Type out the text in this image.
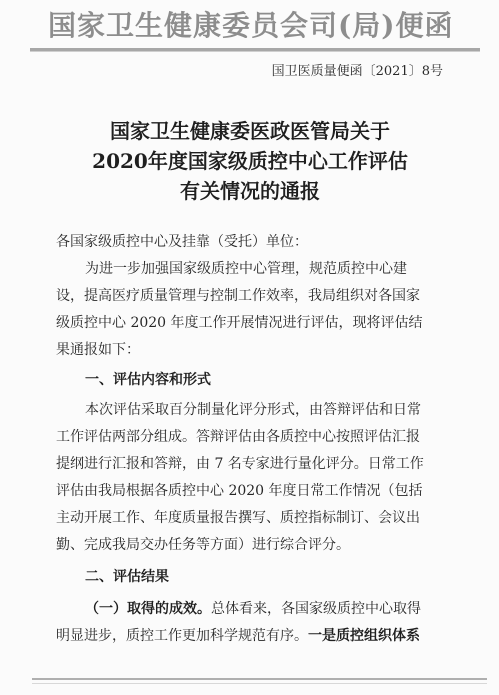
国家卫生健康委员会司(局)便函
国卫医质量便函〔2021〕8号
国家卫生健康委医政医管局关于
2020年度国家级质控中心工作评估
有关情况的通报
各国家级质控中心及挂靠（受托）单位：
为进一步加强国家级质控中心管理，规范质控中心建
设，提高医疗质量管理与控制工作效率，我局组织对各国家
级质控中心 2020 年度工作开展情况进行评估，现将评估结
果通报如下：
一、评估内容和形式
本次评估采取百分制量化评分形式，由答辩评估和日常
工作评估两部分组成。答辩评估由各质控中心按照评估汇报
提纲进行汇报和答辩，由 7 名专家进行量化评分。日常工作
评估由我局根据各质控中心 2020 年度日常工作情况（包括
主动开展工作、年度质量报告撰写、质控指标制订、会议出
勤、完成我局交办任务等方面）进行综合评分。
二、评估结果
（一）取得的成效。总体看来，各国家级质控中心取得
明显进步，质控工作更加科学规范有序。一是质控组织体系
